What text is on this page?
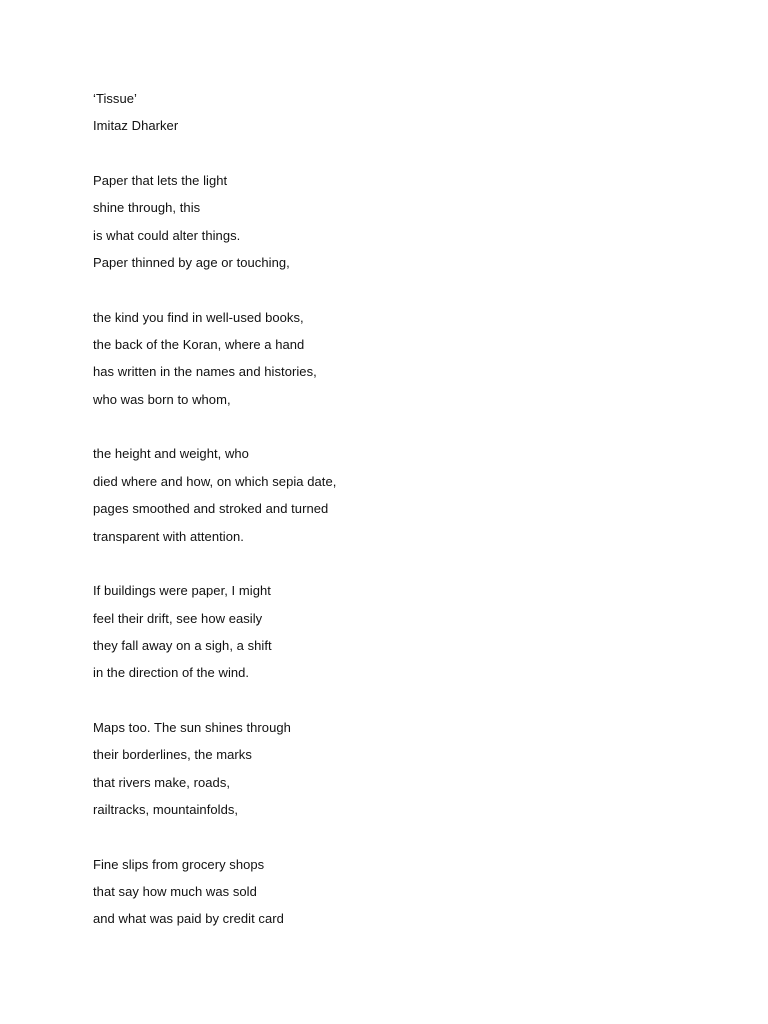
‘Tissue’
Imitaz Dharker
Paper that lets the light
shine through, this
is what could alter things.
Paper thinned by age or touching,
the kind you find in well-used books,
the back of the Koran, where a hand
has written in the names and histories,
who was born to whom,
the height and weight, who
died where and how, on which sepia date,
pages smoothed and stroked and turned
transparent with attention.
If buildings were paper, I might
feel their drift, see how easily
they fall away on a sigh, a shift
in the direction of the wind.
Maps too. The sun shines through
their borderlines, the marks
that rivers make, roads,
railtracks, mountainfolds,
Fine slips from grocery shops
that say how much was sold
and what was paid by credit card
